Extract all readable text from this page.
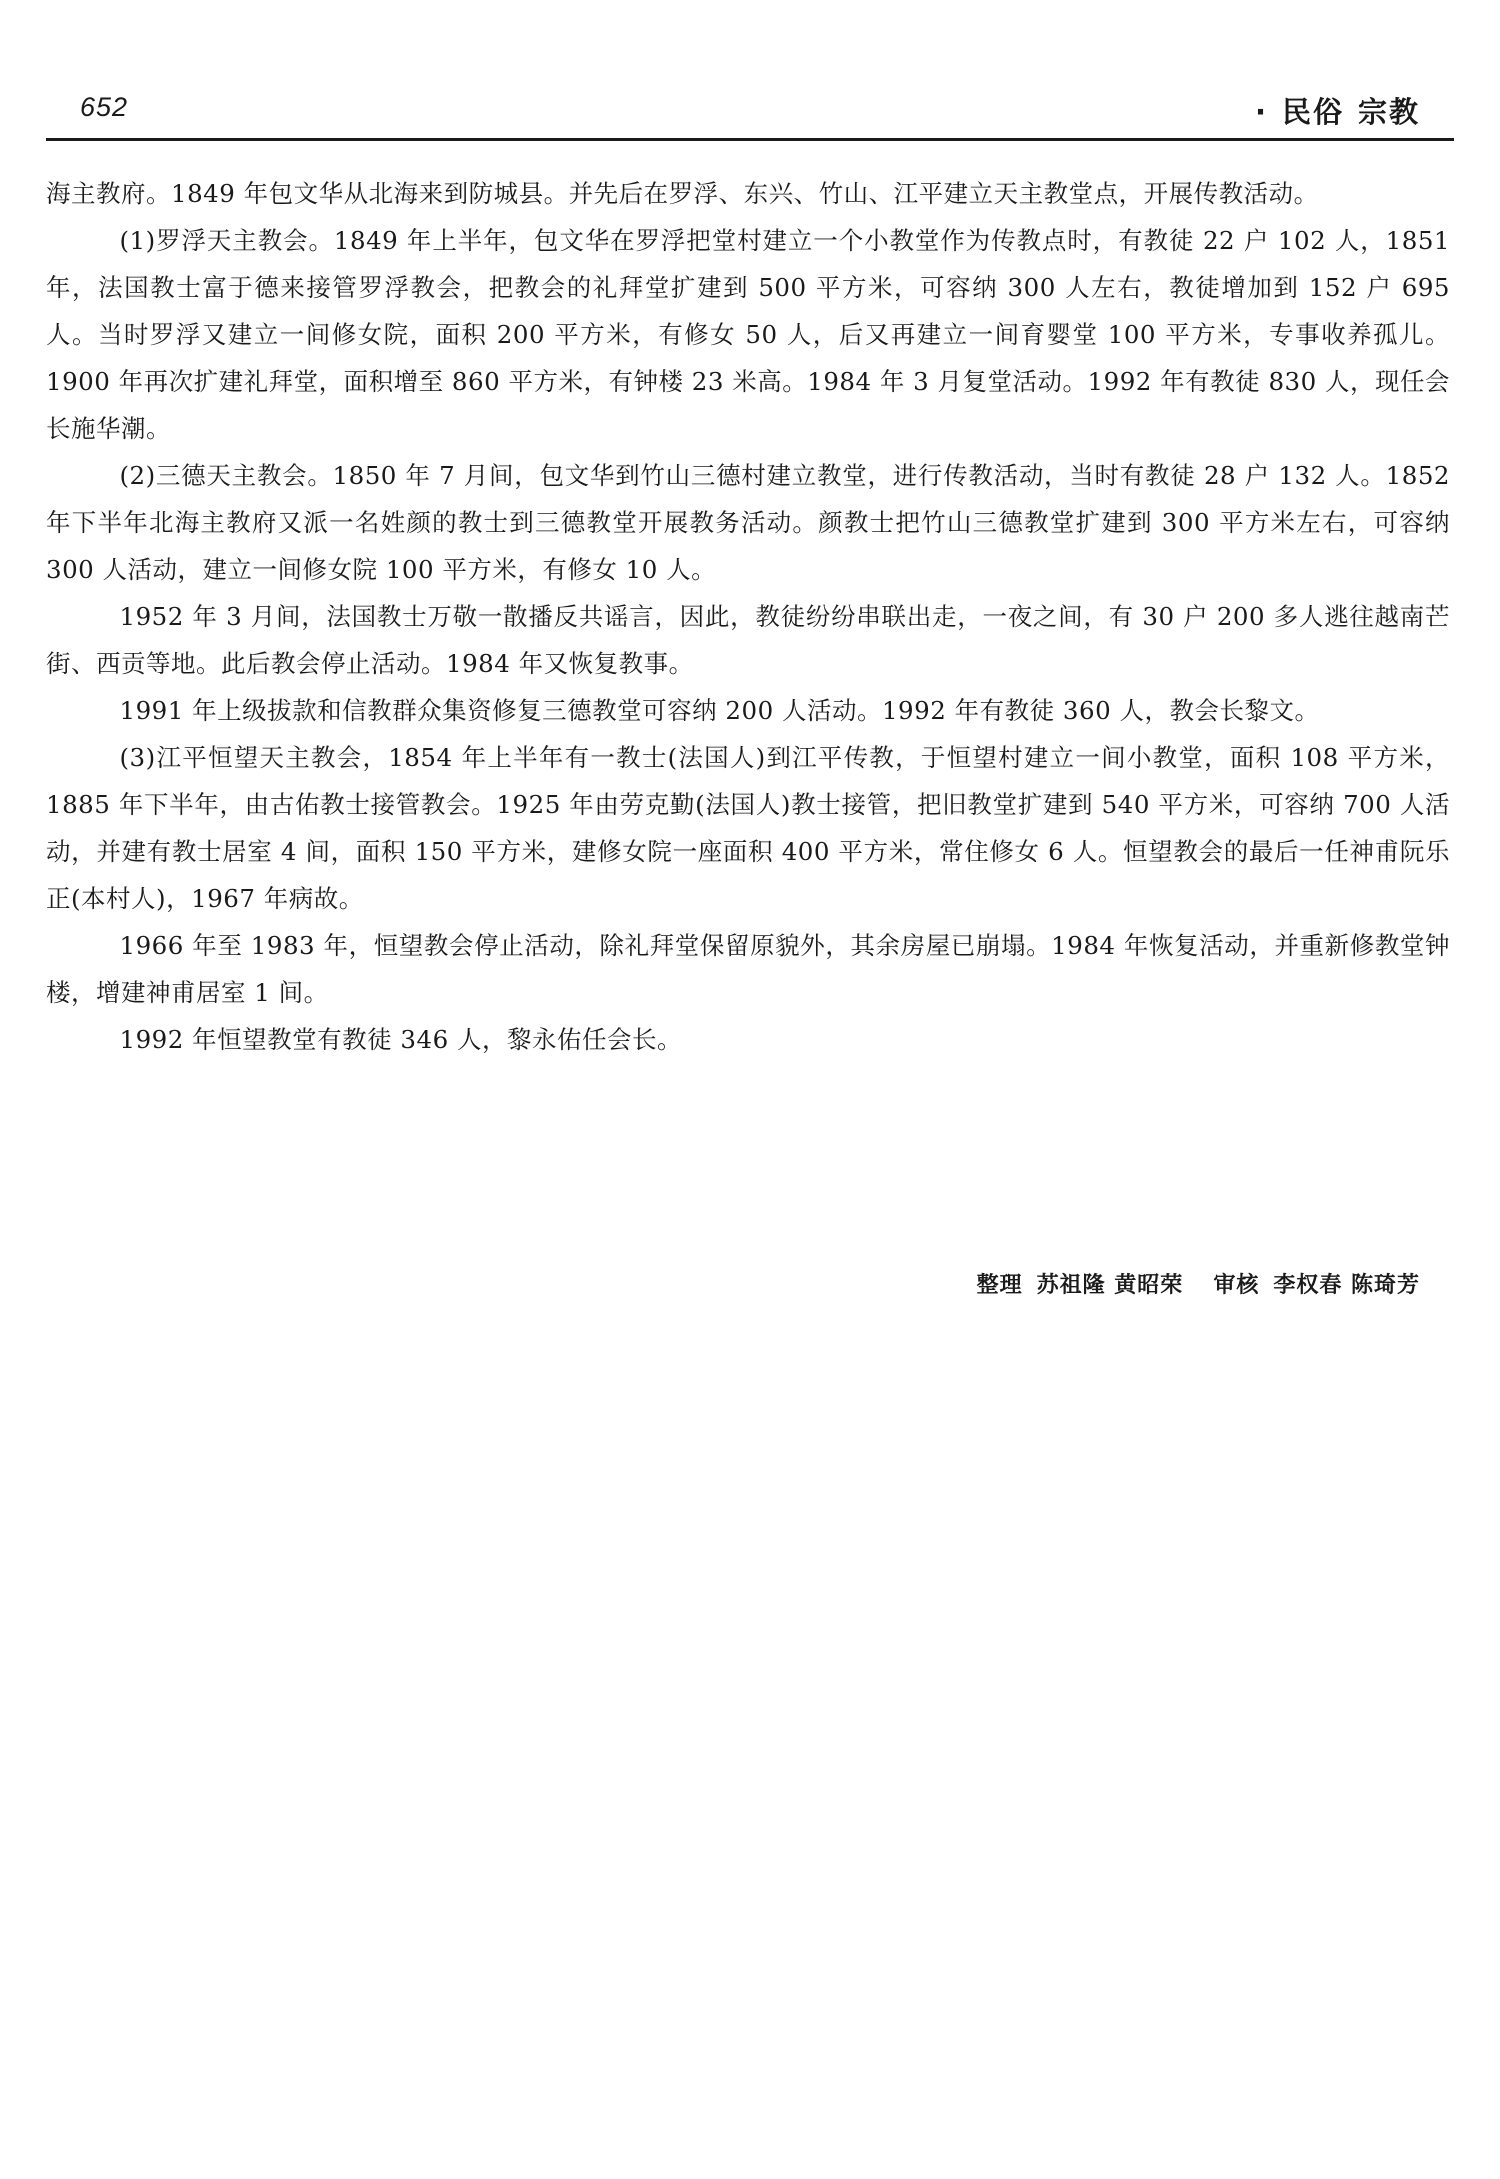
652	· 民俗 宗教

海主教府。1849 年包文华从北海来到防城县。并先后在罗浮、东兴、竹山、江平建立天主教堂点，开展传教活动。

(1)罗浮天主教会。1849 年上半年，包文华在罗浮把堂村建立一个小教堂作为传教点时，有教徒 22 户 102 人，1851 年，法国教士富于德来接管罗浮教会，把教会的礼拜堂扩建到 500 平方米，可容纳 300 人左右，教徒增加到 152 户 695 人。当时罗浮又建立一间修女院，面积 200 平方米，有修女 50 人，后又再建立一间育婴堂 100 平方米，专事收养孤儿。1900 年再次扩建礼拜堂，面积增至 860 平方米，有钟楼 23 米高。1984 年 3 月复堂活动。1992 年有教徒 830 人，现任会长施华潮。

(2)三德天主教会。1850 年 7 月间，包文华到竹山三德村建立教堂，进行传教活动，当时有教徒 28 户 132 人。1852 年下半年北海主教府又派一名姓颜的教士到三德教堂开展教务活动。颜教士把竹山三德教堂扩建到 300 平方米左右，可容纳 300 人活动，建立一间修女院 100 平方米，有修女 10 人。

1952 年 3 月间，法国教士万敬一散播反共谣言，因此，教徒纷纷串联出走，一夜之间，有 30 户 200 多人逃往越南芒街、西贡等地。此后教会停止活动。1984 年又恢复教事。

1991 年上级拔款和信教群众集资修复三德教堂可容纳 200 人活动。1992 年有教徒 360 人，教会长黎文。

(3)江平恒望天主教会，1854 年上半年有一教士(法国人)到江平传教，于恒望村建立一间小教堂，面积 108 平方米，1885 年下半年，由古佑教士接管教会。1925 年由劳克勤(法国人)教士接管，把旧教堂扩建到 540 平方米，可容纳 700 人活动，并建有教士居室 4 间，面积 150 平方米，建修女院一座面积 400 平方米，常住修女 6 人。恒望教会的最后一任神甫阮乐正(本村人)，1967 年病故。

1966 年至 1983 年，恒望教会停止活动，除礼拜堂保留原貌外，其余房屋已崩塌。1984 年恢复活动，并重新修教堂钟楼，增建神甫居室 1 间。

1992 年恒望教堂有教徒 346 人，黎永佑任会长。

整理 苏祖隆 黄昭荣 审核 李权春 陈琦芳
